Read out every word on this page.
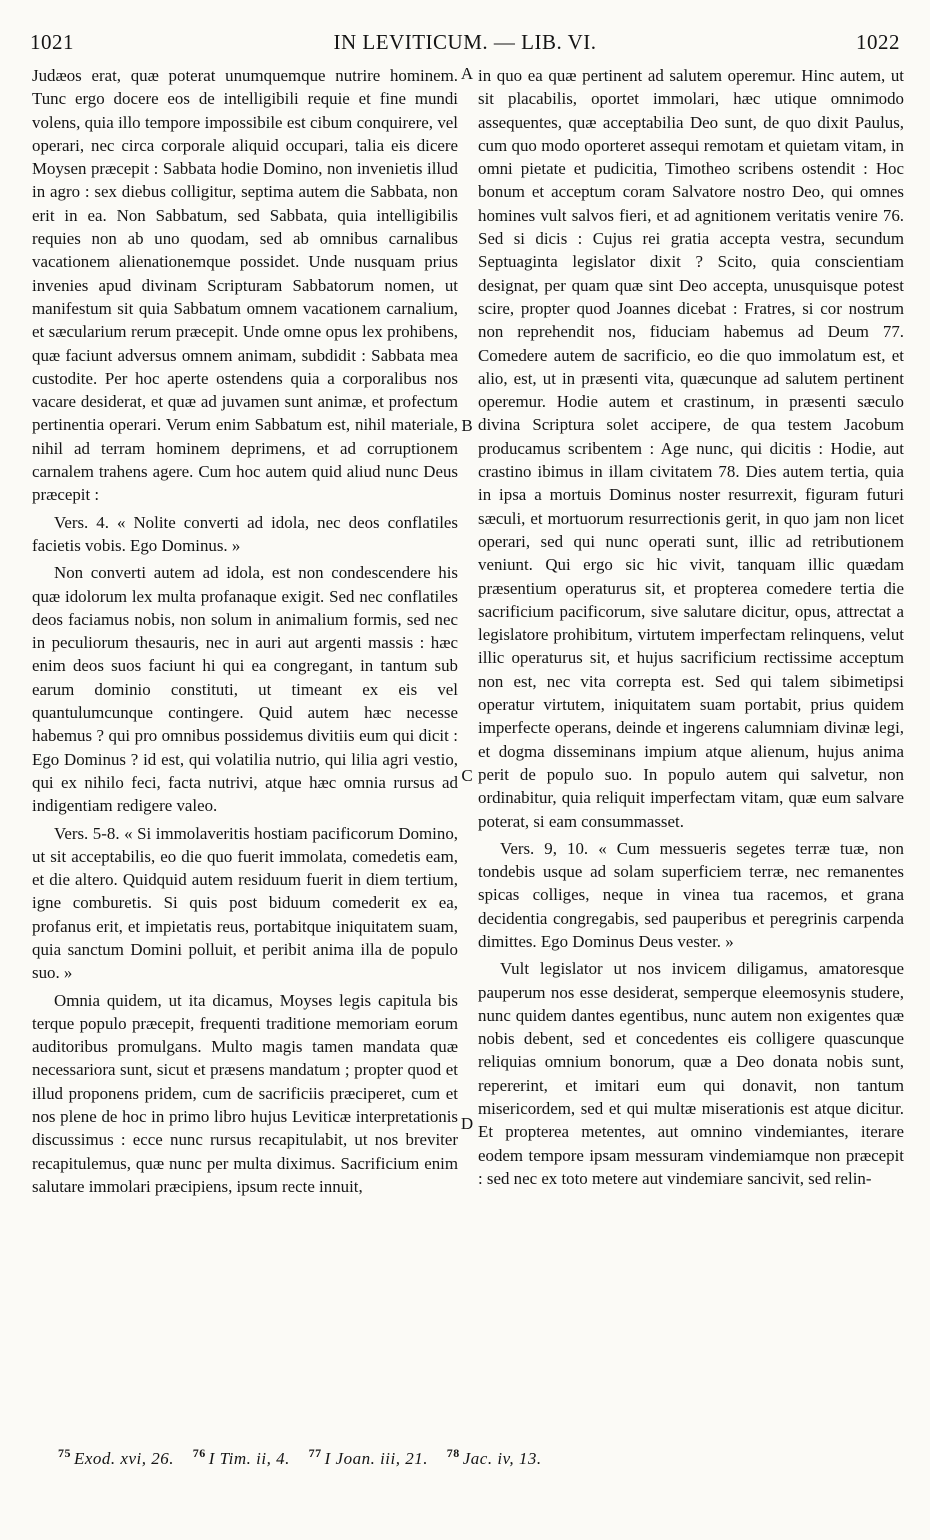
1021	IN LEVITICUM. — LIB. VI.	1022

Judæos erat, quæ poterat unumquemque nutrire hominem. Tunc ergo docere eos de intelligibili requie et fine mundi volens, quia illo tempore impossibile est cibum conquirere, vel operari, nec circa corporale aliquid occupari, talia eis dicere Moysen præcepit : Sabbata hodie Domino, non invenietis illud in agro : sex diebus colligitur, septima autem die Sabbata, non erit in ea. Non Sabbatum, sed Sabbata, quia intelligibilis requies non ab uno quodam, sed ab omnibus carnalibus vacationem alienationemque possidet. Unde nusquam prius invenies apud divinam Scripturam Sabbatorum nomen, ut manifestum sit quia Sabbatum omnem vacationem carnalium, et sæcularium rerum præcepit. Unde omne opus lex prohibens, quæ faciunt adversus omnem animam, subdidit : Sabbata mea custodite. Per hoc aperte ostendens quia a corporalibus nos vacare desiderat, et quæ ad juvamen sunt animæ, et profectum pertinentia operari. Verum enim Sabbatum est, nihil materiale, nihil ad terram hominem deprimens, et ad corruptionem carnalem trahens agere. Cum hoc autem quid aliud nunc Deus præcepit :

Vers. 4. « Nolite converti ad idola, nec deos conflatiles facietis vobis. Ego Dominus. »

Non converti autem ad idola, est non condescendere his quæ idolorum lex multa profanaque exigit. Sed nec conflatiles deos faciamus nobis, non solum in animalium formis, sed nec in peculiorum thesauris, nec in auri aut argenti massis : hæc enim deos suos faciunt hi qui ea congregant, in tantum sub earum dominio constituti, ut timeant ex eis vel quantulumcunque contingere. Quid autem hæc necesse habemus ? qui pro omnibus possidemus divitiis eum qui dicit : Ego Dominus ? id est, qui volatilia nutrio, qui lilia agri vestio, qui ex nihilo feci, facta nutrivi, atque hæc omnia rursus ad indigentiam redigere valeo.

Vers. 5-8. « Si immolaveritis hostiam pacificorum Domino, ut sit acceptabilis, eo die quo fuerit immolata, comedetis eam, et die altero. Quidquid autem residuum fuerit in diem tertium, igne comburetis. Si quis post biduum comederit ex ea, profanus erit, et impietatis reus, portabitque iniquitatem suam, quia sanctum Domini polluit, et peribit anima illa de populo suo. »

Omnia quidem, ut ita dicamus, Moyses legis capitula bis terque populo præcepit, frequenti traditione memoriam eorum auditoribus promulgans. Multo magis tamen mandata quæ necessariora sunt, sicut et præsens mandatum ; propter quod et illud proponens pridem, cum de sacrificiis præciperet, cum et nos plene de hoc in primo libro hujus Leviticæ interpretationis discussimus : ecce nunc rursus recapitulabit, ut nos breviter recapitulemus, quæ nunc per multa diximus. Sacrificium enim salutare immolari præcipiens, ipsum recte innuit,

A
B
C
D

in quo ea quæ pertinent ad salutem operemur. Hinc autem, ut sit placabilis, oportet immolari, hæc utique omnimodo assequentes, quæ acceptabilia Deo sunt, de quo dixit Paulus, cum quo modo oporteret assequi remotam et quietam vitam, in omni pietate et pudicitia, Timotheo scribens ostendit : Hoc bonum et acceptum coram Salvatore nostro Deo, qui omnes homines vult salvos fieri, et ad agnitionem veritatis venire 76. Sed si dicis : Cujus rei gratia accepta vestra, secundum Septuaginta legislator dixit ? Scito, quia conscientiam designat, per quam quæ sint Deo accepta, unusquisque potest scire, propter quod Joannes dicebat : Fratres, si cor nostrum non reprehendit nos, fiduciam habemus ad Deum 77. Comedere autem de sacrificio, eo die quo immolatum est, et alio, est, ut in præsenti vita, quæcunque ad salutem pertinent operemur. Hodie autem et crastinum, in præsenti sæculo divina Scriptura solet accipere, de qua testem Jacobum producamus scribentem : Age nunc, qui dicitis : Hodie, aut crastino ibimus in illam civitatem 78. Dies autem tertia, quia in ipsa a mortuis Dominus noster resurrexit, figuram futuri sæculi, et mortuorum resurrectionis gerit, in quo jam non licet operari, sed qui nunc operati sunt, illic ad retributionem veniunt. Qui ergo sic hic vivit, tanquam illic quædam præsentium operaturus sit, et propterea comedere tertia die sacrificium pacificorum, sive salutare dicitur, opus, attrectat a legislatore prohibitum, virtutem imperfectam relinquens, velut illic operaturus sit, et hujus sacrificium rectissime acceptum non est, nec vita correpta est. Sed qui talem sibimetipsi operatur virtutem, iniquitatem suam portabit, prius quidem imperfecte operans, deinde et ingerens calumniam divinæ legi, et dogma disseminans impium atque alienum, hujus anima perit de populo suo. In populo autem qui salvetur, non ordinabitur, quia reliquit imperfectam vitam, quæ eum salvare poterat, si eam consummasset.

Vers. 9, 10. « Cum messueris segetes terræ tuæ, non tondebis usque ad solam superficiem terræ, nec remanentes spicas colliges, neque in vinea tua racemos, et grana decidentia congregabis, sed pauperibus et peregrinis carpenda dimittes. Ego Dominus Deus vester. »

Vult legislator ut nos invicem diligamus, amatoresque pauperum nos esse desiderat, semperque eleemosynis studere, nunc quidem dantes egentibus, nunc autem non exigentes quæ nobis debent, sed et concedentes eis colligere quascunque reliquias omnium bonorum, quæ a Deo donata nobis sunt, repererint, et imitari eum qui donavit, non tantum misericordem, sed et qui multæ miserationis est atque dicitur. Et propterea metentes, aut omnino vindemiantes, iterare eodem tempore ipsam messuram vindemiamque non præcepit : sed nec ex toto metere aut vindemiare sancivit, sed relin-

$^{75}$ Exod. xvi, 26. $^{76}$ I Tim. ii, 4. $^{77}$ I Joan. iii, 21. $^{78}$ Jac. iv, 13.
